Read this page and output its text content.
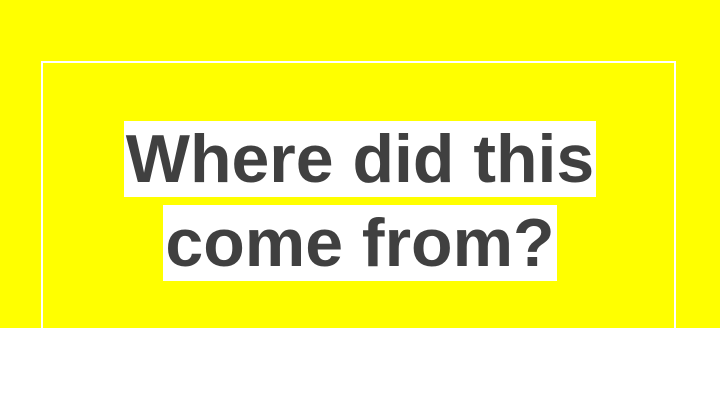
Where did this
come from?
